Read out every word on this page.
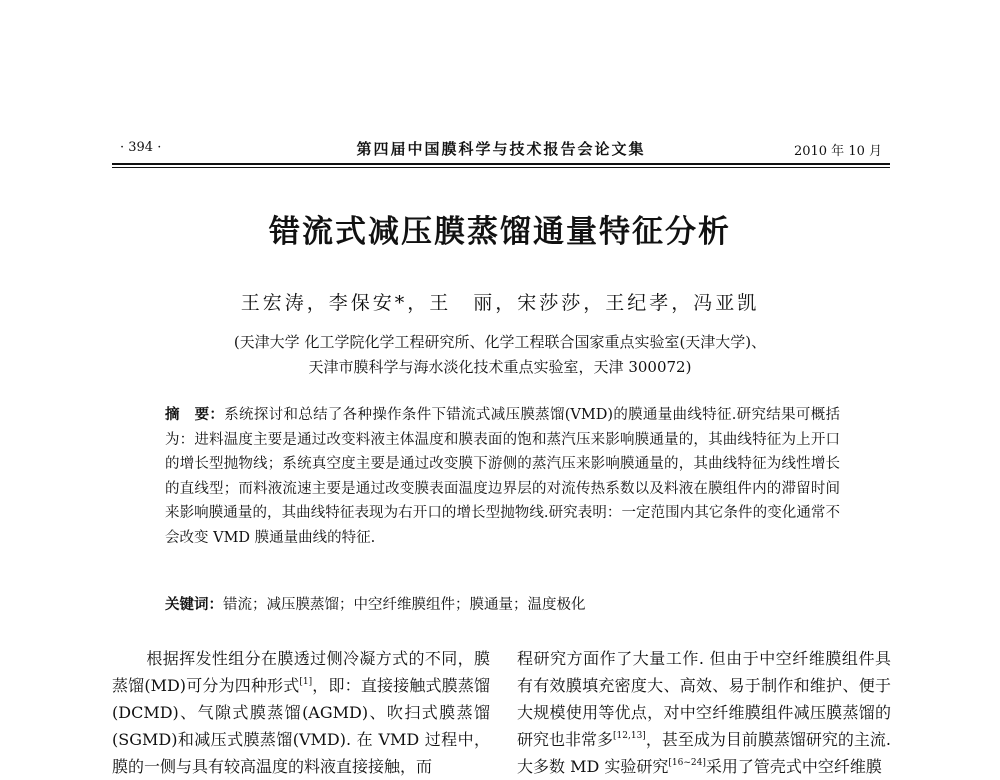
· 394 ·	第四届中国膜科学与技术报告会论文集	2010 年 10 月
错流式减压膜蒸馏通量特征分析
王宏涛，李保安*，王　丽，宋莎莎，王纪孝，冯亚凯
(天津大学 化工学院化学工程研究所、化学工程联合国家重点实验室(天津大学)、
天津市膜科学与海水淡化技术重点实验室，天津 300072)
摘　要：系统探讨和总结了各种操作条件下错流式减压膜蒸馏(VMD)的膜通量曲线特征.研究结果可概括为：进料温度主要是通过改变料液主体温度和膜表面的饱和蒸汽压来影响膜通量的，其曲线特征为上开口的增长型抛物线；系统真空度主要是通过改变膜下游侧的蒸汽压来影响膜通量的，其曲线特征为线性增长的直线型；而料液流速主要是通过改变膜表面温度边界层的对流传热系数以及料液在膜组件内的滞留时间来影响膜通量的，其曲线特征表现为右开口的增长型抛物线.研究表明：一定范围内其它条件的变化通常不会改变 VMD 膜通量曲线的特征.
关键词：错流；减压膜蒸馏；中空纤维膜组件；膜通量；温度极化

根据挥发性组分在膜透过侧冷凝方式的不同，膜蒸馏(MD)可分为四种形式[1]，即：直接接触式膜蒸馏(DCMD)、气隙式膜蒸馏(AGMD)、吹扫式膜蒸馏(SGMD)和减压式膜蒸馏(VMD). 在 VMD 过程中，膜的一侧与具有较高温度的料液直接接触，而

程研究方面作了大量工作. 但由于中空纤维膜组件具有有效膜填充密度大、高效、易于制作和维护、便于大规模使用等优点，对中空纤维膜组件减压膜蒸馏的研究也非常多[12,13]，甚至成为目前膜蒸馏研究的主流. 大多数 MD 实验研究[16~24]采用了管壳式中空纤维膜
